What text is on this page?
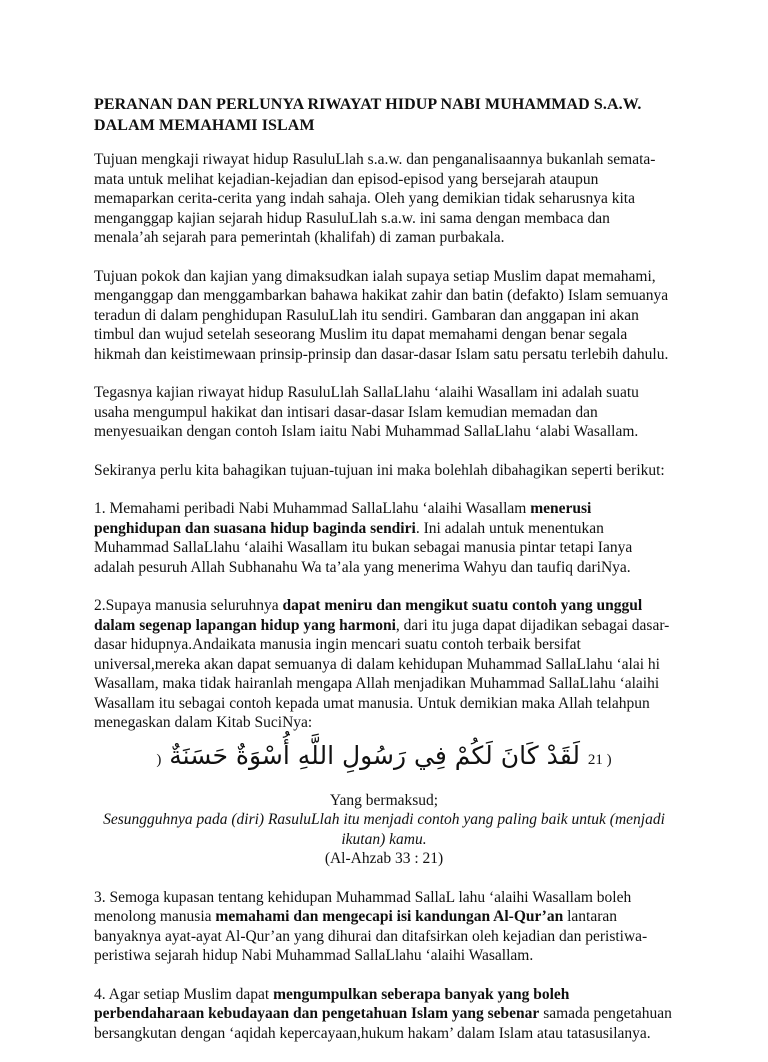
PERANAN DAN PERLUNYA RIWAYAT HIDUP NABI MUHAMMAD S.A.W. DALAM MEMAHAMI ISLAM

Tujuan mengkaji riwayat hidup RasuluLlah s.a.w. dan penganalisaannya bukanlah semata-mata untuk melihat kejadian-kejadian dan episod-episod yang bersejarah ataupun memaparkan cerita-cerita yang indah sahaja. Oleh yang demikian tidak seharusnya kita menganggap kajian sejarah hidup RasuluLlah s.a.w. ini sama dengan membaca dan menala’ah sejarah para pemerintah (khalifah) di zaman purbakala.

Tujuan pokok dan kajian yang dimaksudkan ialah supaya setiap Muslim dapat memahami, menganggap dan menggambarkan bahawa hakikat zahir dan batin (defakto) Islam semuanya teradun di dalam penghidupan RasuluLlah itu sendiri. Gambaran dan anggapan ini akan timbul dan wujud setelah seseorang Muslim itu dapat memahami dengan benar segala hikmah dan keistimewaan prinsip-prinsip dan dasar-dasar Islam satu persatu terlebih dahulu.

Tegasnya kajian riwayat hidup RasuluLlah SallaLlahu ‘alaihi Wasallam ini adalah suatu usaha mengumpul hakikat dan intisari dasar-dasar Islam kemudian memadan dan menyesuaikan dengan contoh Islam iaitu Nabi Muhammad SallaLlahu ‘alabi Wasallam.

Sekiranya perlu kita bahagikan tujuan-tujuan ini maka bolehlah dibahagikan seperti berikut:

1. Memahami peribadi Nabi Muhammad SallaLlahu ‘alaihi Wasallam menerusi penghidupan dan suasana hidup baginda sendiri. Ini adalah untuk menentukan Muhammad SallaLlahu ‘alaihi Wasallam itu bukan sebagai manusia pintar tetapi Ianya adalah pesuruh Allah Subhanahu Wa ta’ala yang menerima Wahyu dan taufiq dariNya.

2.Supaya manusia seluruhnya dapat meniru dan mengikut suatu contoh yang unggul dalam segenap lapangan hidup yang harmoni, dari itu juga dapat dijadikan sebagai dasar-dasar hidupnya.Andaikata manusia ingin mencari suatu contoh terbaik bersifat universal,mereka akan dapat semuanya di dalam kehidupan Muhammad SallaLlahu ‘alai hi Wasallam, maka tidak hairanlah mengapa Allah menjadikan Muhammad SallaLlahu ‘alaihi Wasallam itu sebagai contoh kepada umat manusia. Untuk demikian maka Allah telahpun menegaskan dalam Kitab SuciNya:

( 21 لَقَدْ كَانَ لَكُمْ فِي رَسُولِ اللَّهِ أُسْوَةٌ حَسَنَةٌ (

Yang bermaksud;

Sesungguhnya pada (diri) RasuluLlah itu menjadi contoh yang paling baik untuk (menjadi ikutan) kamu.

(Al-Ahzab 33 : 21)

3. Semoga kupasan tentang kehidupan Muhammad SallaL lahu ‘alaihi Wasallam boleh menolong manusia memahami dan mengecapi isi kandungan Al-Qur’an lantaran banyaknya ayat-ayat Al-Qur’an yang dihurai dan ditafsirkan oleh kejadian dan peristiwa-peristiwa sejarah hidup Nabi Muhammad SallaLlahu ‘alaihi Wasallam.

4. Agar setiap Muslim dapat mengumpulkan seberapa banyak yang boleh perbendaharaan kebudayaan dan pengetahuan Islam yang sebenar samada pengetahuan bersangkutan dengan ‘aqidah kepercayaan,hukum hakam’ dalam Islam atau tatasusilanya.
